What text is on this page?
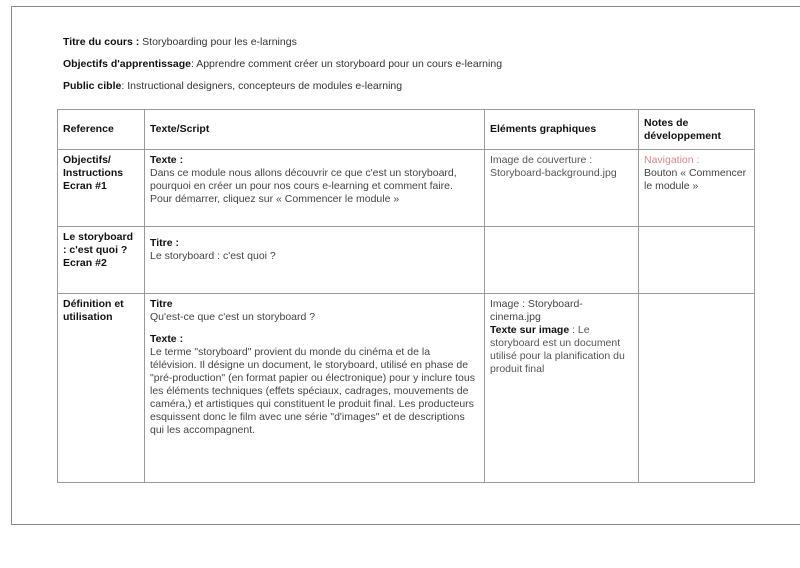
Titre du cours : Storyboarding pour les e-larnings
Objectifs d'apprentissage: Apprendre comment créer un storyboard pour un cours e-learning
Public cible: Instructional designers, concepteurs de modules e-learning
Reference	Texte/Script	Eléments graphiques	Notes de développement
Objectifs/ Instructions Ecran #1	Texte :
Dans ce module nous allons découvrir ce que c'est un storyboard, pourquoi en créer un pour nos cours e-learning et comment faire.
Pour démarrer, cliquez sur « Commencer le module »	Image de couverture : Storyboard-background.jpg	Navigation :
Bouton « Commencer le module »

Le storyboard : c'est quoi ? Ecran #2	Titre :
Le storyboard : c'est quoi ?		

Définition et utilisation	Titre
Qu'est-ce que c'est un storyboard ?
Texte :
Le terme "storyboard" provient du monde du cinéma et de la télévision. Il désigne un document, le storyboard, utilisé en phase de "pré-production" (en format papier ou électronique) pour y inclure tous les éléments techniques (effets spéciaux, cadrages, mouvements de caméra,) et artistiques qui constituent le produit final. Les producteurs esquissent donc le film avec une série "d'images" et de descriptions qui les accompagnent.	Image : Storyboard-cinema.jpg
Texte sur image : Le storyboard est un document utilisé pour la planification du produit final	
